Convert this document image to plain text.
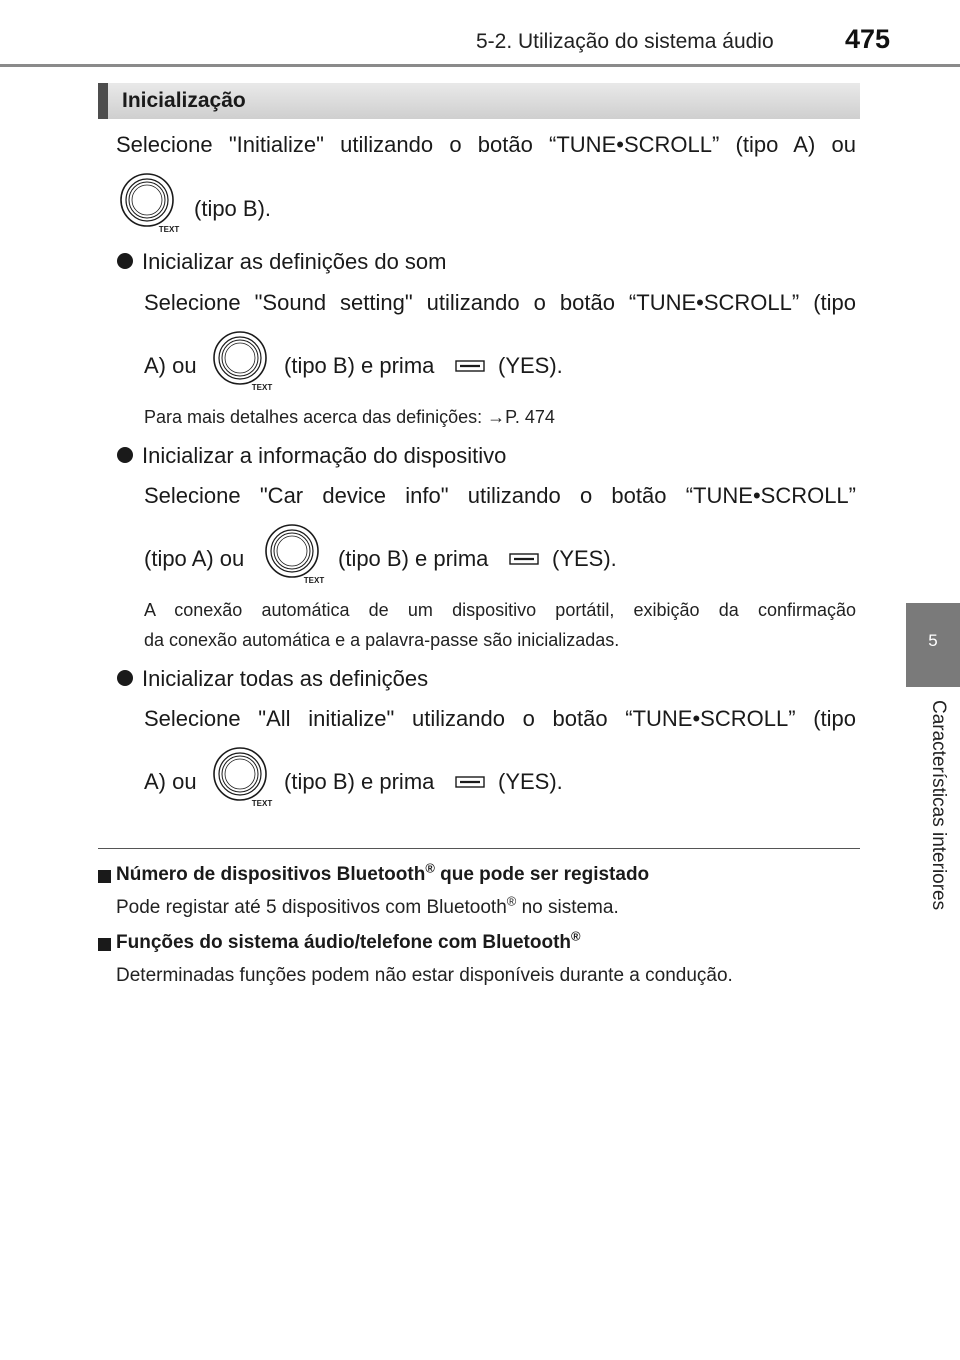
5-2. Utilização do sistema áudio	475
5
Características interiores
Inicialização
Selecione "Initialize" utilizando o botão “TUNE•SCROLL” (tipo A) ou
TEXT
(tipo B).
Inicializar as definições do som
Selecione "Sound setting" utilizando o botão “TUNE•SCROLL” (tipo
A) ou
TEXT
(tipo B) e prima	(YES).
Para mais detalhes acerca das definições: →P. 474
Inicializar a informação do dispositivo
Selecione "Car device info" utilizando o botão “TUNE•SCROLL”
(tipo A) ou
TEXT
(tipo B) e prima	(YES).
A conexão automática de um dispositivo portátil, exibição da confirmação
da conexão automática e a palavra-passe são inicializadas.
Inicializar todas as definições
Selecione "All initialize" utilizando o botão “TUNE•SCROLL” (tipo
A) ou
TEXT
(tipo B) e prima	(YES).
Número de dispositivos Bluetooth® que pode ser registado
Pode registar até 5 dispositivos com Bluetooth® no sistema.
Funções do sistema áudio/telefone com Bluetooth®
Determinadas funções podem não estar disponíveis durante a condução.
